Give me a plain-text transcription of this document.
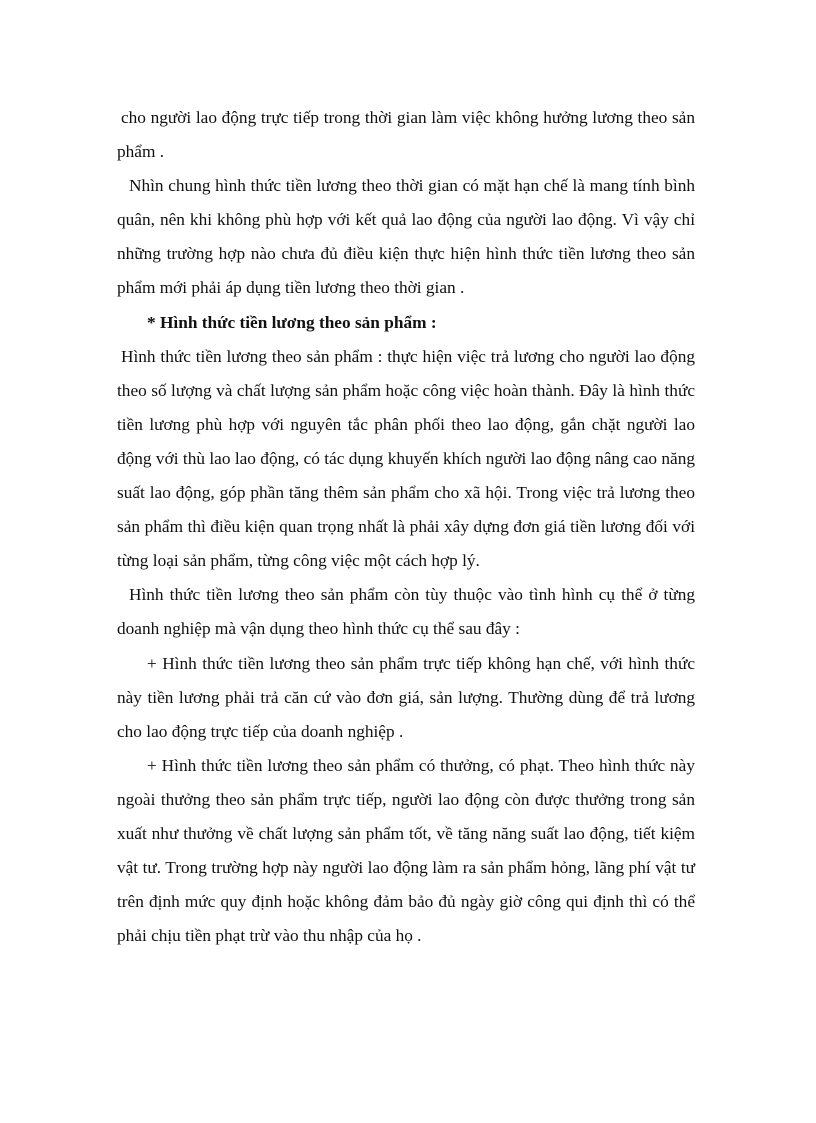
cho người lao động trực tiếp trong thời gian làm việc không hưởng lương theo sản phẩm .

Nhìn chung hình thức tiền lương theo thời gian có mặt hạn chế là mang tính bình quân, nên khi không phù hợp với kết quả lao động của người lao động. Vì vậy chỉ những trường hợp nào chưa đủ điều kiện thực hiện hình thức tiền lương theo sản phẩm mới phải áp dụng tiền lương theo thời gian .

* Hình thức tiền lương theo sản phẩm :

Hình thức tiền lương theo sản phẩm : thực hiện việc trả lương cho người lao động theo số lượng và chất lượng sản phẩm hoặc công việc hoàn thành. Đây là hình thức tiền lương phù hợp với nguyên tắc phân phối theo lao động, gắn chặt người lao động với thù lao lao động, có tác dụng khuyến khích người lao động nâng cao năng suất lao động, góp phần tăng thêm sản phẩm cho xã hội. Trong việc trả lương theo sản phẩm thì điều kiện quan trọng nhất là phải xây dựng đơn giá tiền lương đối với từng loại sản phẩm, từng công việc một cách hợp lý.

Hình thức tiền lương theo sản phẩm còn tùy thuộc vào tình hình cụ thể ở từng doanh nghiệp mà vận dụng theo hình thức cụ thể sau đây :

+ Hình thức tiền lương theo sản phẩm trực tiếp không hạn chế, với hình thức này tiền lương phải trả căn cứ vào đơn giá, sản lượng. Thường dùng để trả lương cho lao động trực tiếp của doanh nghiệp .

+ Hình thức tiền lương theo sản phẩm có thưởng, có phạt. Theo hình thức này ngoài thưởng theo sản phẩm trực tiếp, người lao động còn được thưởng trong sản xuất như thưởng về chất lượng sản phẩm tốt, về tăng năng suất lao động, tiết kiệm vật tư. Trong trường hợp này người lao động làm ra sản phẩm hỏng, lãng phí vật tư trên định mức quy định hoặc không đảm bảo đủ ngày giờ công qui định thì có thể phải chịu tiền phạt trừ vào thu nhập của họ .
